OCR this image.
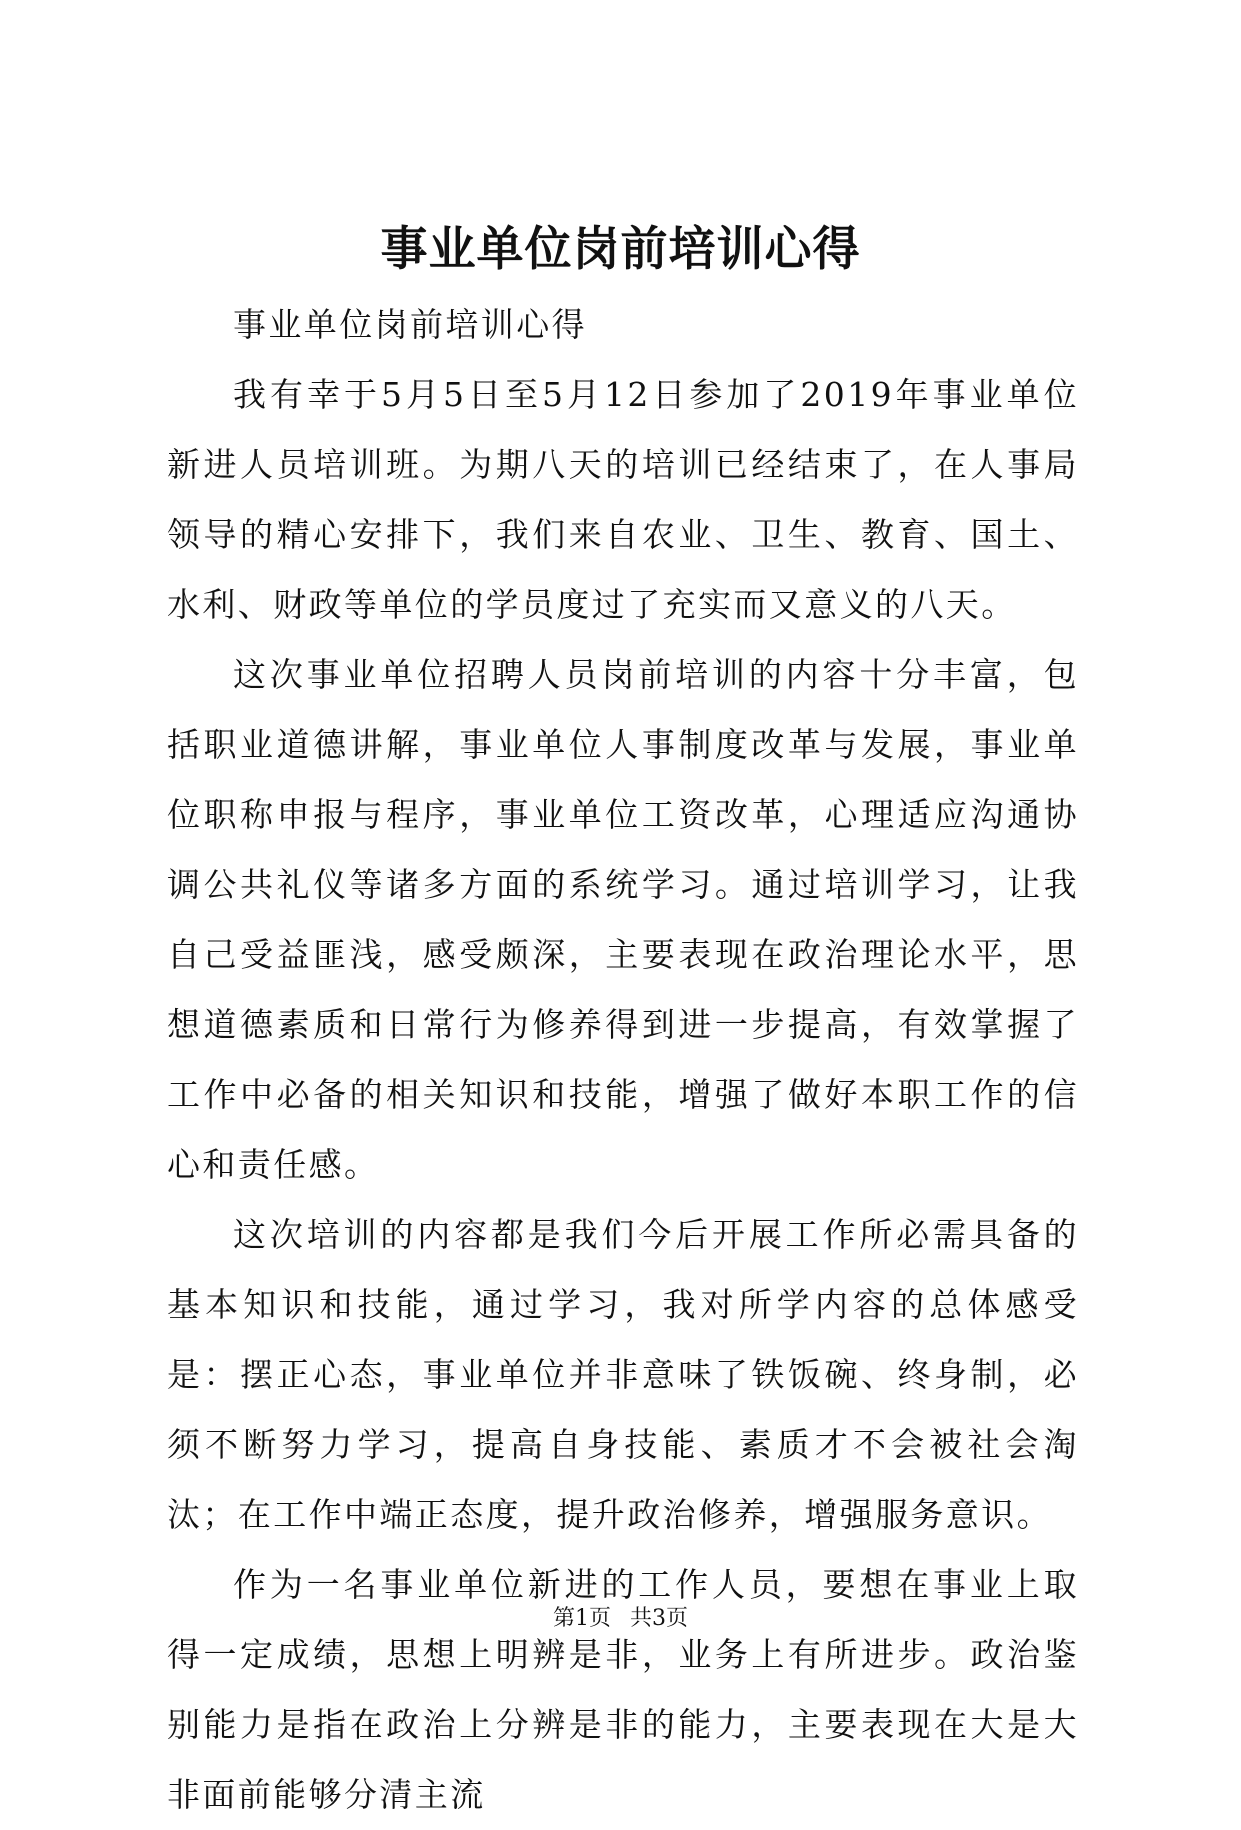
事业单位岗前培训心得

事业单位岗前培训心得

我有幸于5月5日至5月12日参加了2019年事业单位新进人员培训班。为期八天的培训已经结束了，在人事局领导的精心安排下，我们来自农业、卫生、教育、国土、水利、财政等单位的学员度过了充实而又意义的八天。

这次事业单位招聘人员岗前培训的内容十分丰富，包括职业道德讲解，事业单位人事制度改革与发展，事业单位职称申报与程序，事业单位工资改革，心理适应沟通协调公共礼仪等诸多方面的系统学习。通过培训学习，让我自己受益匪浅，感受颇深，主要表现在政治理论水平，思想道德素质和日常行为修养得到进一步提高，有效掌握了工作中必备的相关知识和技能，增强了做好本职工作的信心和责任感。

这次培训的内容都是我们今后开展工作所必需具备的基本知识和技能，通过学习，我对所学内容的总体感受是：摆正心态，事业单位并非意味了铁饭碗、终身制，必须不断努力学习，提高自身技能、素质才不会被社会淘汰；在工作中端正态度，提升政治修养，增强服务意识。

作为一名事业单位新进的工作人员，要想在事业上取得一定成绩，思想上明辨是非，业务上有所进步。政治鉴别能力是指在政治上分辨是非的能力，主要表现在大是大非面前能够分清主流

第1页 共3页
